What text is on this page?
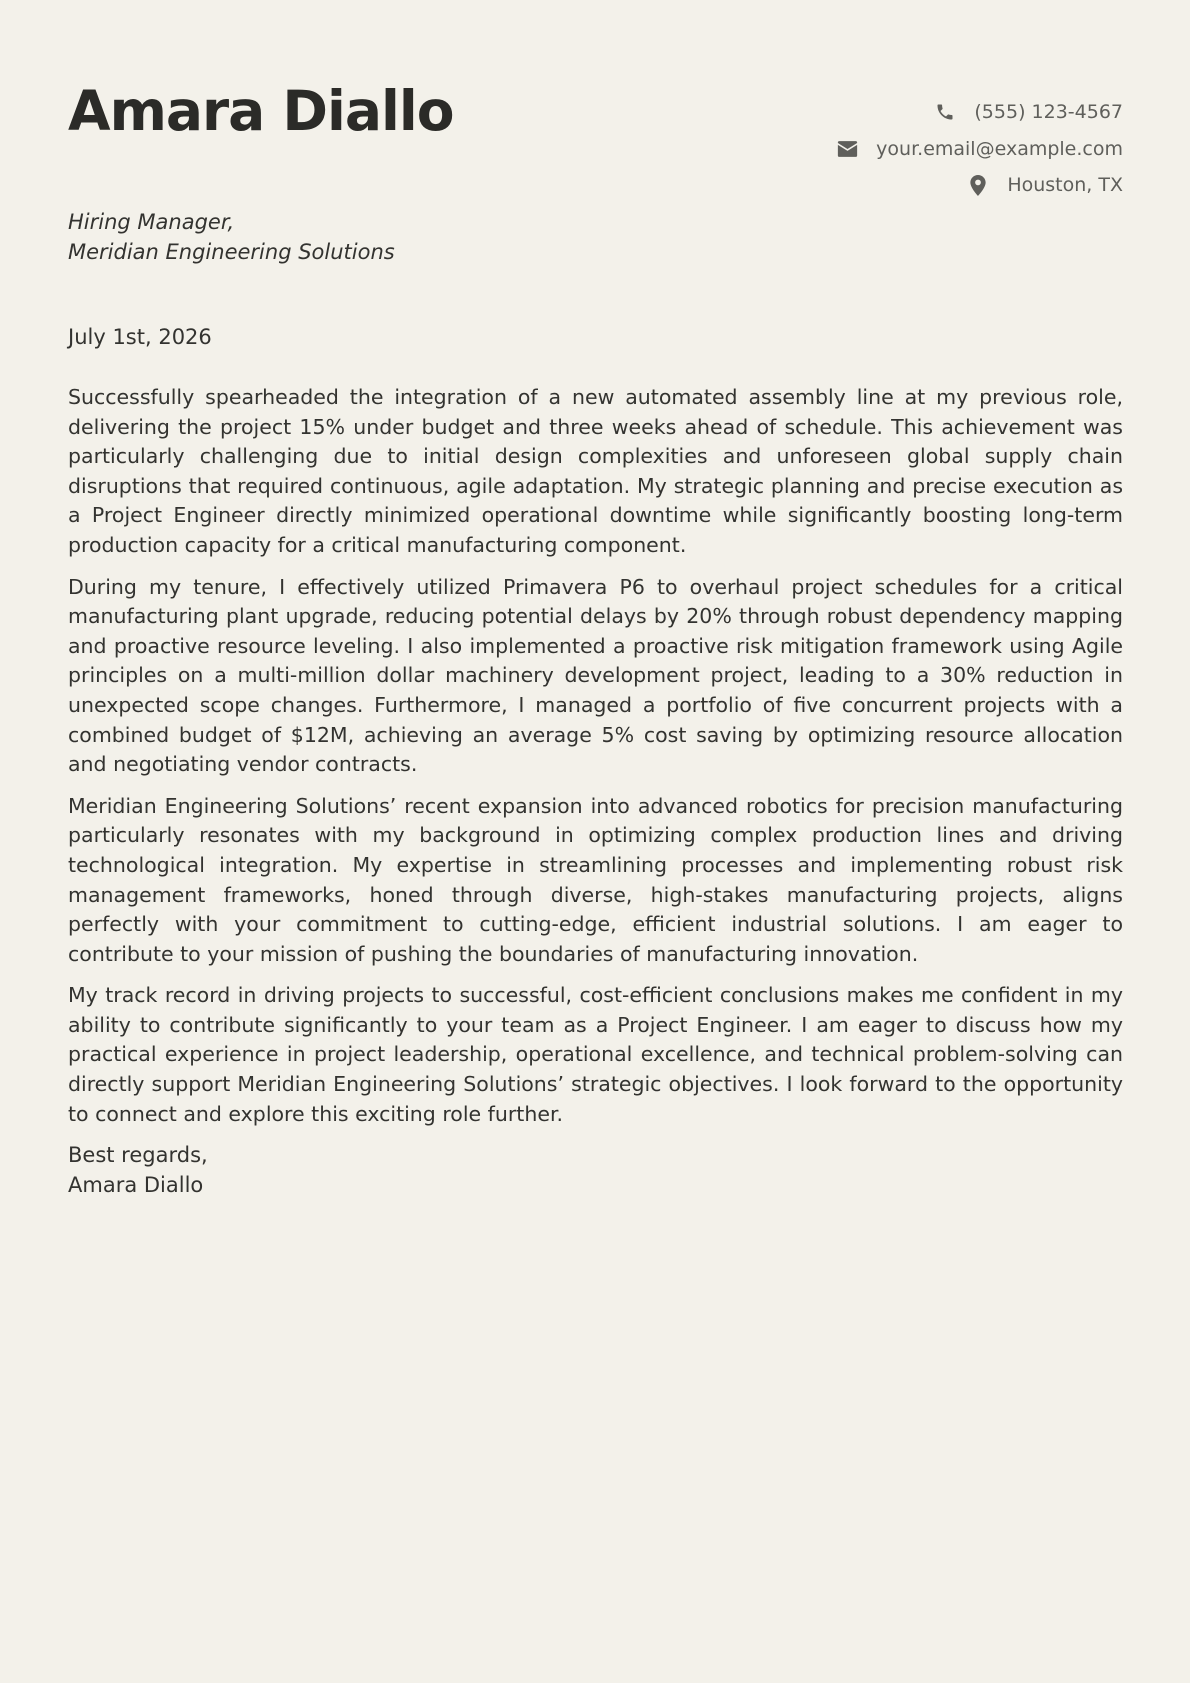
Amara Diallo	(555) 123-4567
your.email@example.com
Houston, TX
Hiring Manager,
Meridian Engineering Solutions
July 1st, 2026

Successfully spearheaded the integration of a new automated assembly line at my previous role, delivering the project 15% under budget and three weeks ahead of schedule. This achievement was particularly challenging due to initial design complexities and unforeseen global supply chain disruptions that required continuous, agile adaptation. My strategic planning and precise execution as a Project Engineer directly minimized operational downtime while significantly boosting long-term production capacity for a critical manufacturing component.

During my tenure, I effectively utilized Primavera P6 to overhaul project schedules for a critical manufacturing plant upgrade, reducing potential delays by 20% through robust dependency mapping and proactive resource leveling. I also implemented a proactive risk mitigation framework using Agile principles on a multi-million dollar machinery development project, leading to a 30% reduction in unexpected scope changes. Furthermore, I managed a portfolio of five concurrent projects with a combined budget of $12M, achieving an average 5% cost saving by optimizing resource allocation and negotiating vendor contracts.

Meridian Engineering Solutions’ recent expansion into advanced robotics for precision manufacturing particularly resonates with my background in optimizing complex production lines and driving technological integration. My expertise in streamlining processes and implementing robust risk management frameworks, honed through diverse, high-stakes manufacturing projects, aligns perfectly with your commitment to cutting-edge, efficient industrial solutions. I am eager to contribute to your mission of pushing the boundaries of manufacturing innovation.

My track record in driving projects to successful, cost-efficient conclusions makes me confident in my ability to contribute significantly to your team as a Project Engineer. I am eager to discuss how my practical experience in project leadership, operational excellence, and technical problem-solving can directly support Meridian Engineering Solutions’ strategic objectives. I look forward to the opportunity to connect and explore this exciting role further.

Best regards,
Amara Diallo
